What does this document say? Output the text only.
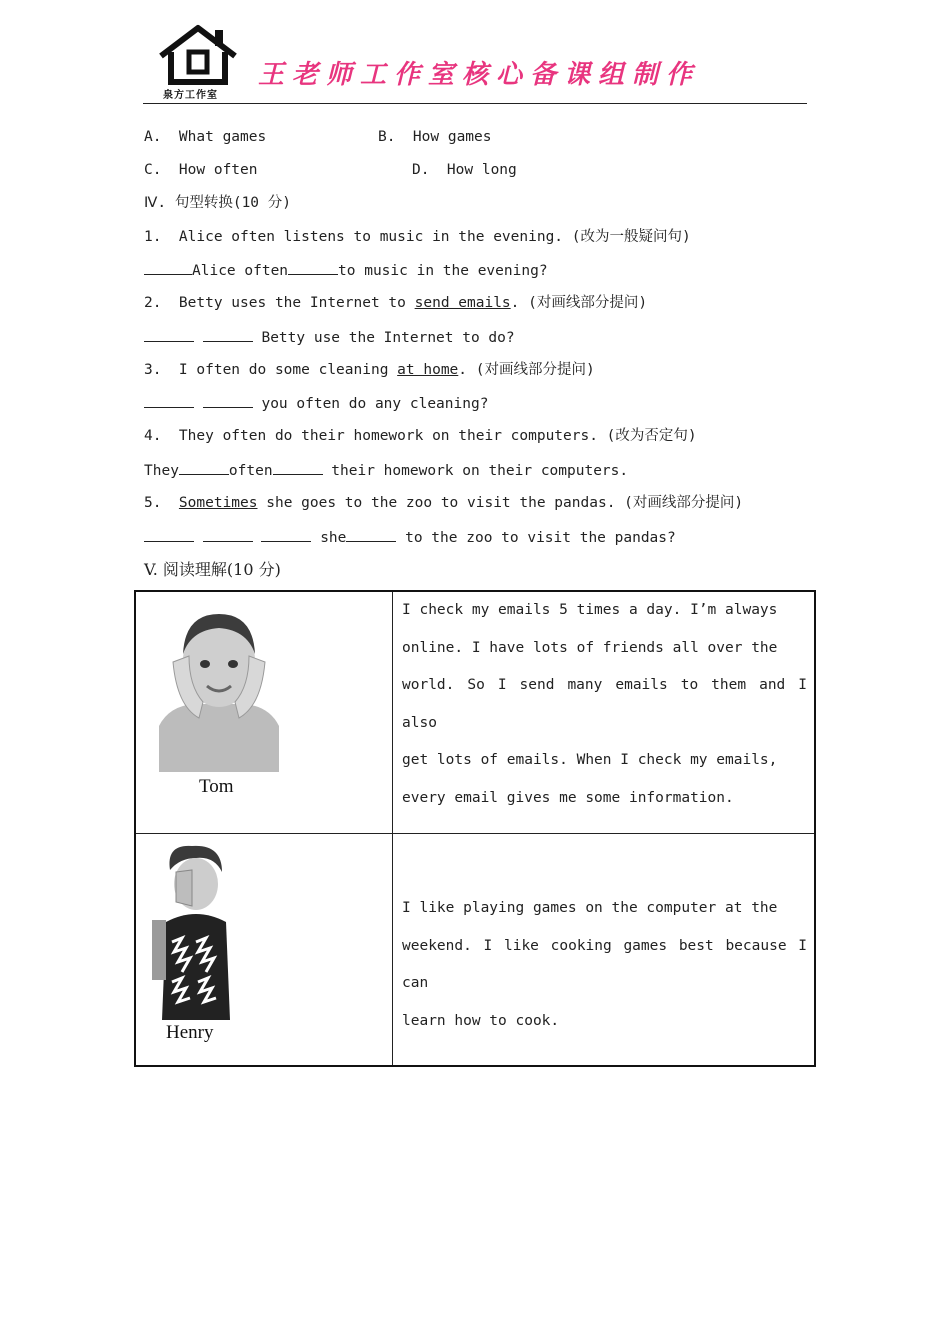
泉方工作室
王老师工作室核心备课组制作
A.  What games	B.  How games
C.  How often	D.  How long
Ⅳ. 句型转换(10 分)
1.  Alice often listens to music in the evening. (改为一般疑问句)
Alice often	to music in the evening?
2.  Betty uses the Internet to send emails. (对画线部分提问)
Betty use the Internet to do?
3.  I often do some cleaning at home. (对画线部分提问)
you often do any cleaning?
4.  They often do their homework on their computers. (改为否定句)
They	often	their homework on their computers.
5.  Sometimes she goes to the zoo to visit the pandas. (对画线部分提问)
she	to the zoo to visit the pandas?
V. 阅读理解(10 分)
Tom
I check my emails 5 times a day. I’m always
online. I have lots of friends all over the
world. So I send many emails to them and I also
get lots of emails. When I check my emails,
every email gives me some information.
Henry
I like playing games on the computer at the
weekend. I like cooking games best because I can
learn how to cook.
